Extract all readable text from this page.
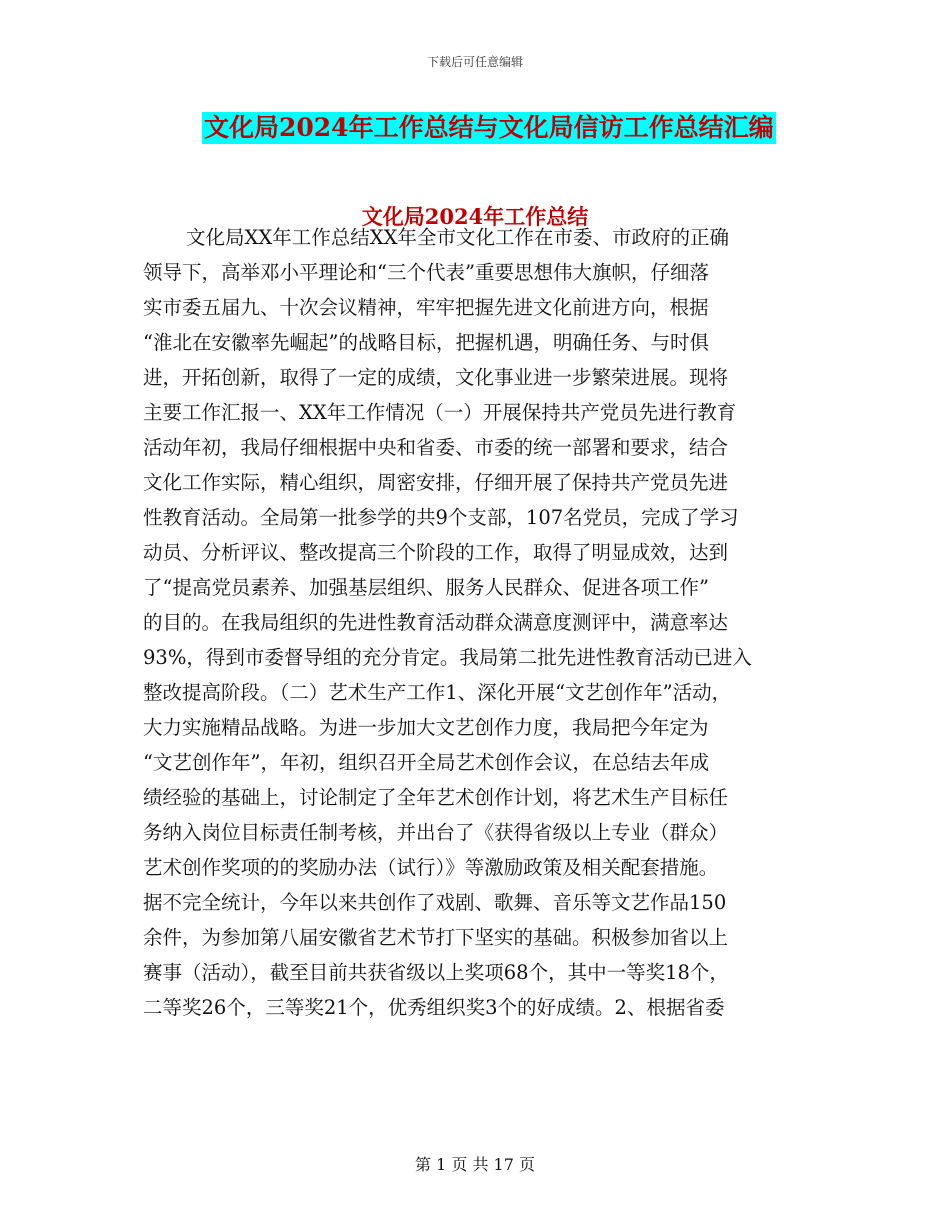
下载后可任意编辑
文化局2024年工作总结与文化局信访工作总结汇编
文化局2024年工作总结
文化局XX年工作总结XX年全市文化工作在市委、市政府的正确
领导下，高举邓小平理论和“三个代表”重要思想伟大旗帜，仔细落
实市委五届九、十次会议精神，牢牢把握先进文化前进方向，根据
“淮北在安徽率先崛起”的战略目标，把握机遇，明确任务、与时俱
进，开拓创新，取得了一定的成绩，文化事业进一步繁荣进展。现将
主要工作汇报一、XX年工作情况（一）开展保持共产党员先进行教育
活动年初，我局仔细根据中央和省委、市委的统一部署和要求，结合
文化工作实际，精心组织，周密安排，仔细开展了保持共产党员先进
性教育活动。全局第一批参学的共9个支部，107名党员，完成了学习
动员、分析评议、整改提高三个阶段的工作，取得了明显成效，达到
了“提高党员素养、加强基层组织、服务人民群众、促进各项工作”
的目的。在我局组织的先进性教育活动群众满意度测评中，满意率达
93%，得到市委督导组的充分肯定。我局第二批先进性教育活动已进入
整改提高阶段。（二）艺术生产工作1、深化开展“文艺创作年”活动，
大力实施精品战略。为进一步加大文艺创作力度，我局把今年定为
“文艺创作年”，年初，组织召开全局艺术创作会议，在总结去年成
绩经验的基础上，讨论制定了全年艺术创作计划，将艺术生产目标任
务纳入岗位目标责任制考核，并出台了《获得省级以上专业（群众）
艺术创作奖项的的奖励办法（试行）》等激励政策及相关配套措施。
据不完全统计，今年以来共创作了戏剧、歌舞、音乐等文艺作品150
余件，为参加第八届安徽省艺术节打下坚实的基础。积极参加省以上
赛事（活动），截至目前共获省级以上奖项68个，其中一等奖18个，
二等奖26个，三等奖21个，优秀组织奖3个的好成绩。2、根据省委
第 1 页 共 17 页
